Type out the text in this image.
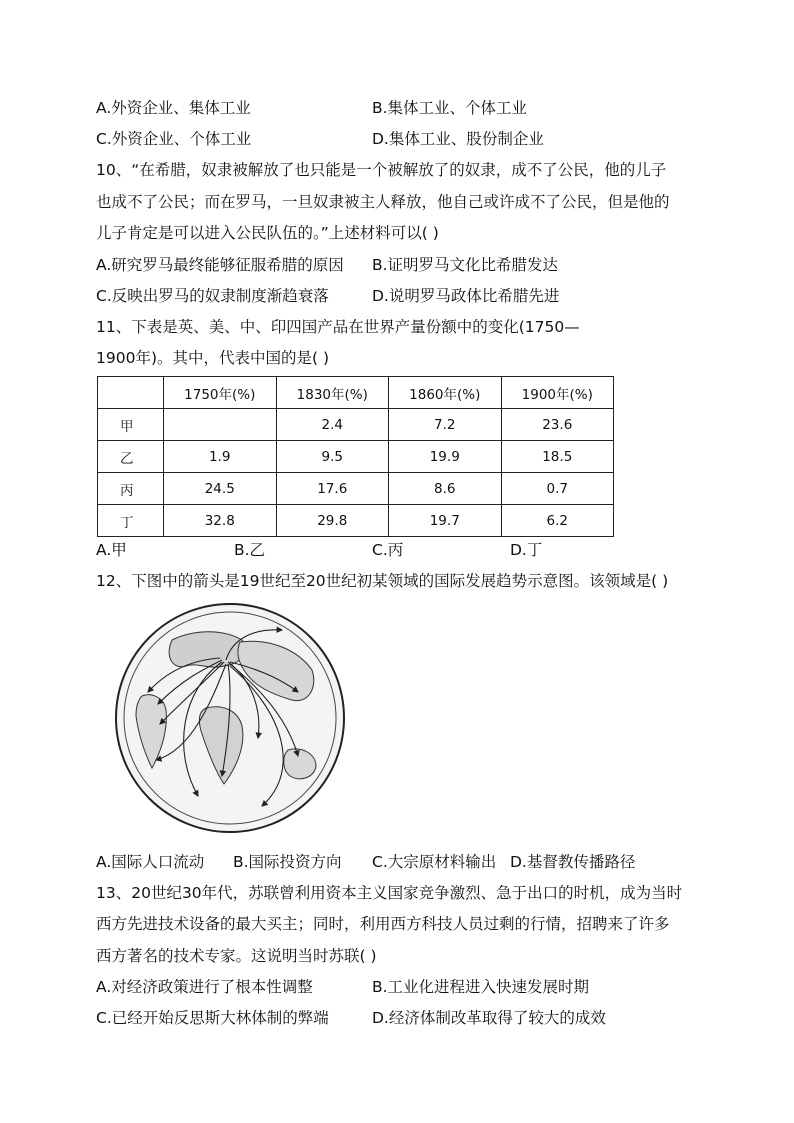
A.外资企业、集体工业	B.集体工业、个体工业
C.外资企业、个体工业	D.集体工业、股份制企业
10、“在希腊，奴隶被解放了也只能是一个被解放了的奴隶，成不了公民，他的儿子
也成不了公民；而在罗马，一旦奴隶被主人释放，他自己或许成不了公民，但是他的
儿子肯定是可以进入公民队伍的。”上述材料可以( )
A.研究罗马最终能够征服希腊的原因 B.证明罗马文化比希腊发达
C.反映出罗马的奴隶制度渐趋衰落	D.说明罗马政体比希腊先进
11、下表是英、美、中、印四国产品在世界产量份额中的变化(1750—
1900年)。其中，代表中国的是( )
	1750年(%)	1830年(%)	1860年(%)	1900年(%)
甲		2.4	7.2	23.6
乙	1.9	9.5	19.9	18.5
丙	24.5	17.6	8.6	0.7
丁	32.8	29.8	19.7	6.2
A.甲	B.乙	C.丙	D.丁
12、下图中的箭头是19世纪至20世纪初某领域的国际发展趋势示意图。该领域是( )
A.国际人口流动 B.国际投资方向 C.大宗原材料输出 D.基督教传播路径
13、20世纪30年代，苏联曾利用资本主义国家竞争激烈、急于出口的时机，成为当时
西方先进技术设备的最大买主；同时，利用西方科技人员过剩的行情，招聘来了许多
西方著名的技术专家。这说明当时苏联( )
A.对经济政策进行了根本性调整	B.工业化进程进入快速发展时期
C.已经开始反思斯大林体制的弊端	D.经济体制改革取得了较大的成效
